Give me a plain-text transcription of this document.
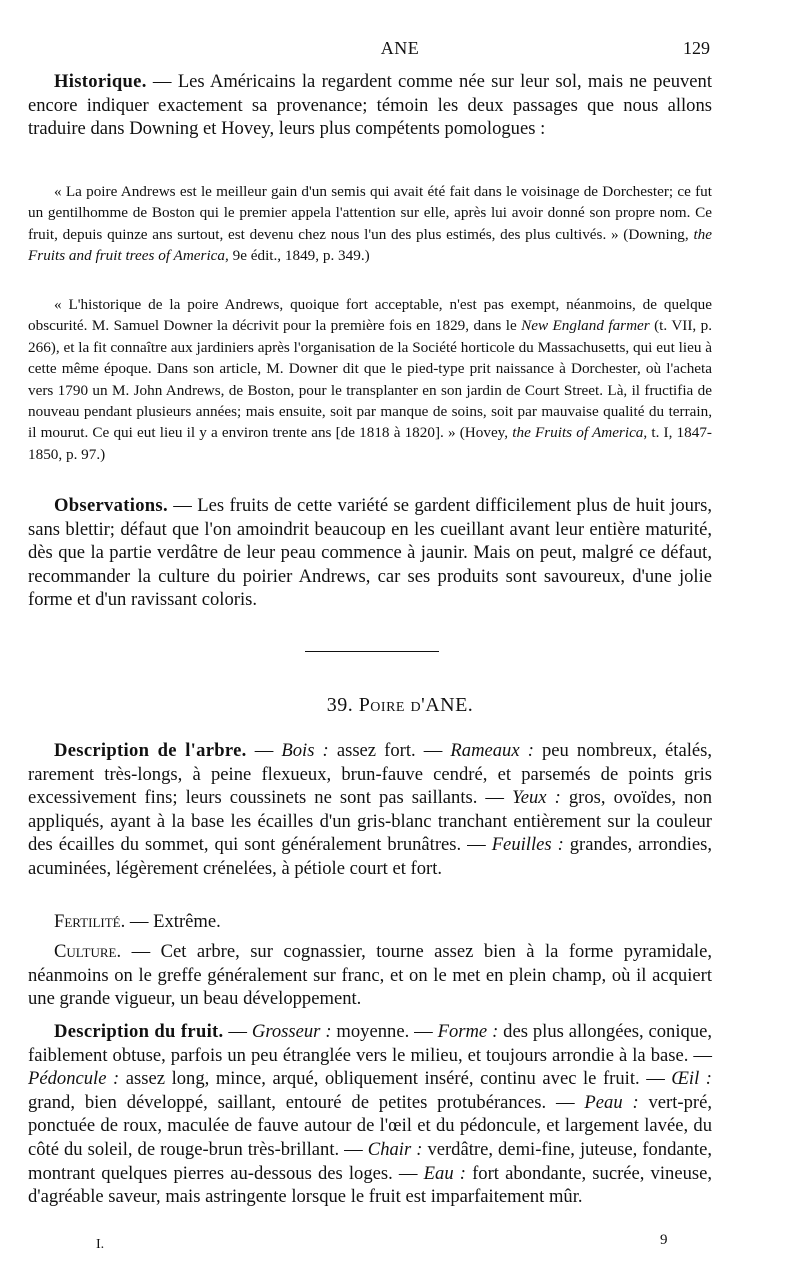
ANE	129

Historique. — Les Américains la regardent comme née sur leur sol, mais ne peuvent encore indiquer exactement sa provenance; témoin les deux passages que nous allons traduire dans Downing et Hovey, leurs plus compétents pomologues :

« La poire Andrews est le meilleur gain d'un semis qui avait été fait dans le voisinage de Dorchester; ce fut un gentilhomme de Boston qui le premier appela l'attention sur elle, après lui avoir donné son propre nom. Ce fruit, depuis quinze ans surtout, est devenu chez nous l'un des plus estimés, des plus cultivés. » (Downing, the Fruits and fruit trees of America, 9e édit., 1849, p. 349.)

« L'historique de la poire Andrews, quoique fort acceptable, n'est pas exempt, néanmoins, de quelque obscurité. M. Samuel Downer la décrivit pour la première fois en 1829, dans le New England farmer (t. VII, p. 266), et la fit connaître aux jardiniers après l'organisation de la Société horticole du Massachusetts, qui eut lieu à cette même époque. Dans son article, M. Downer dit que le pied-type prit naissance à Dorchester, où l'acheta vers 1790 un M. John Andrews, de Boston, pour le transplanter en son jardin de Court Street. Là, il fructifia de nouveau pendant plusieurs années; mais ensuite, soit par manque de soins, soit par mauvaise qualité du terrain, il mourut. Ce qui eut lieu il y a environ trente ans [de 1818 à 1820]. » (Hovey, the Fruits of America, t. I, 1847-1850, p. 97.)

Observations. — Les fruits de cette variété se gardent difficilement plus de huit jours, sans blettir; défaut que l'on amoindrit beaucoup en les cueillant avant leur entière maturité, dès que la partie verdâtre de leur peau commence à jaunir. Mais on peut, malgré ce défaut, recommander la culture du poirier Andrews, car ses produits sont savoureux, d'une jolie forme et d'un ravissant coloris.

39. Poire d'ANE.

Description de l'arbre. — Bois : assez fort. — Rameaux : peu nombreux, étalés, rarement très-longs, à peine flexueux, brun-fauve cendré, et parsemés de points gris excessivement fins; leurs coussinets ne sont pas saillants. — Yeux : gros, ovoïdes, non appliqués, ayant à la base les écailles d'un gris-blanc tranchant entièrement sur la couleur des écailles du sommet, qui sont généralement brunâtres. — Feuilles : grandes, arrondies, acuminées, légèrement crénelées, à pétiole court et fort.

Fertilité. — Extrême.

Culture. — Cet arbre, sur cognassier, tourne assez bien à la forme pyramidale, néanmoins on le greffe généralement sur franc, et on le met en plein champ, où il acquiert une grande vigueur, un beau développement.

Description du fruit. — Grosseur : moyenne. — Forme : des plus allongées, conique, faiblement obtuse, parfois un peu étranglée vers le milieu, et toujours arrondie à la base. — Pédoncule : assez long, mince, arqué, obliquement inséré, continu avec le fruit. — Œil : grand, bien développé, saillant, entouré de petites protubérances. — Peau : vert-pré, ponctuée de roux, maculée de fauve autour de l'œil et du pédoncule, et largement lavée, du côté du soleil, de rouge-brun très-brillant. — Chair : verdâtre, demi-fine, juteuse, fondante, montrant quelques pierres au-dessous des loges. — Eau : fort abondante, sucrée, vineuse, d'agréable saveur, mais astringente lorsque le fruit est imparfaitement mûr.

I.	9
